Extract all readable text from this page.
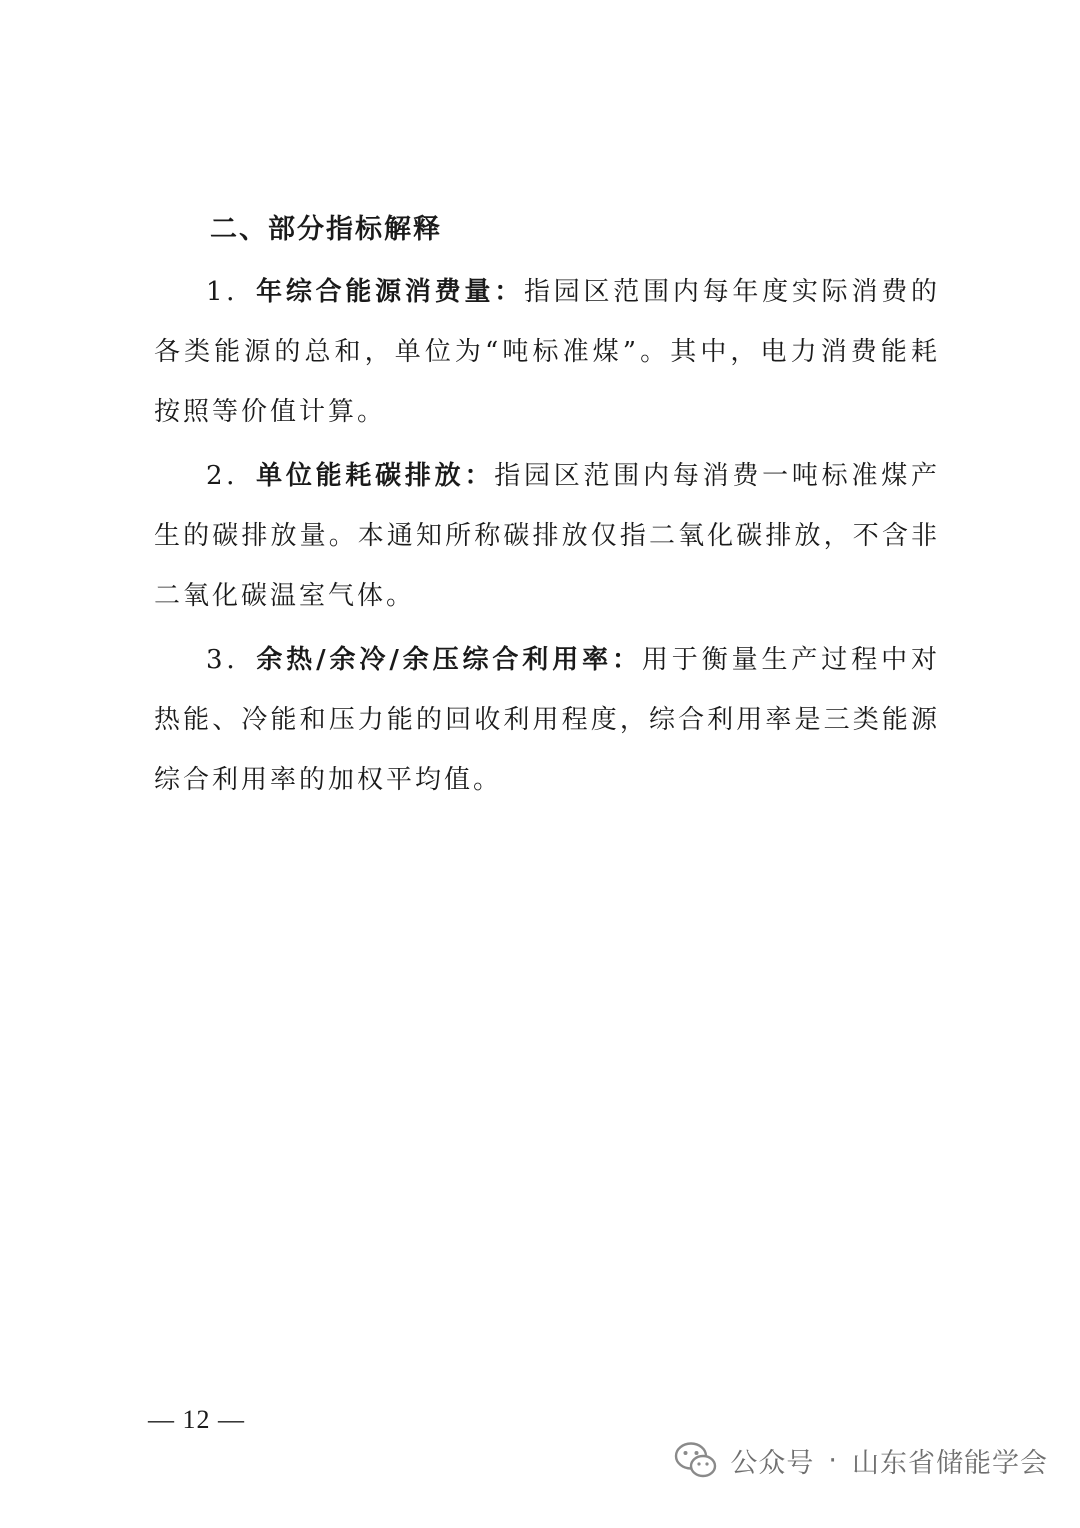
二、部分指标解释

1．年综合能源消费量：指园区范围内每年度实际消费的各类能源的总和，单位为“吨标准煤”。其中，电力消费能耗按照等价值计算。

2．单位能耗碳排放：指园区范围内每消费一吨标准煤产生的碳排放量。本通知所称碳排放仅指二氧化碳排放，不含非二氧化碳温室气体。

3．余热/余冷/余压综合利用率：用于衡量生产过程中对热能、冷能和压力能的回收利用程度，综合利用率是三类能源综合利用率的加权平均值。

— 12 —
公众号 · 山东省储能学会
